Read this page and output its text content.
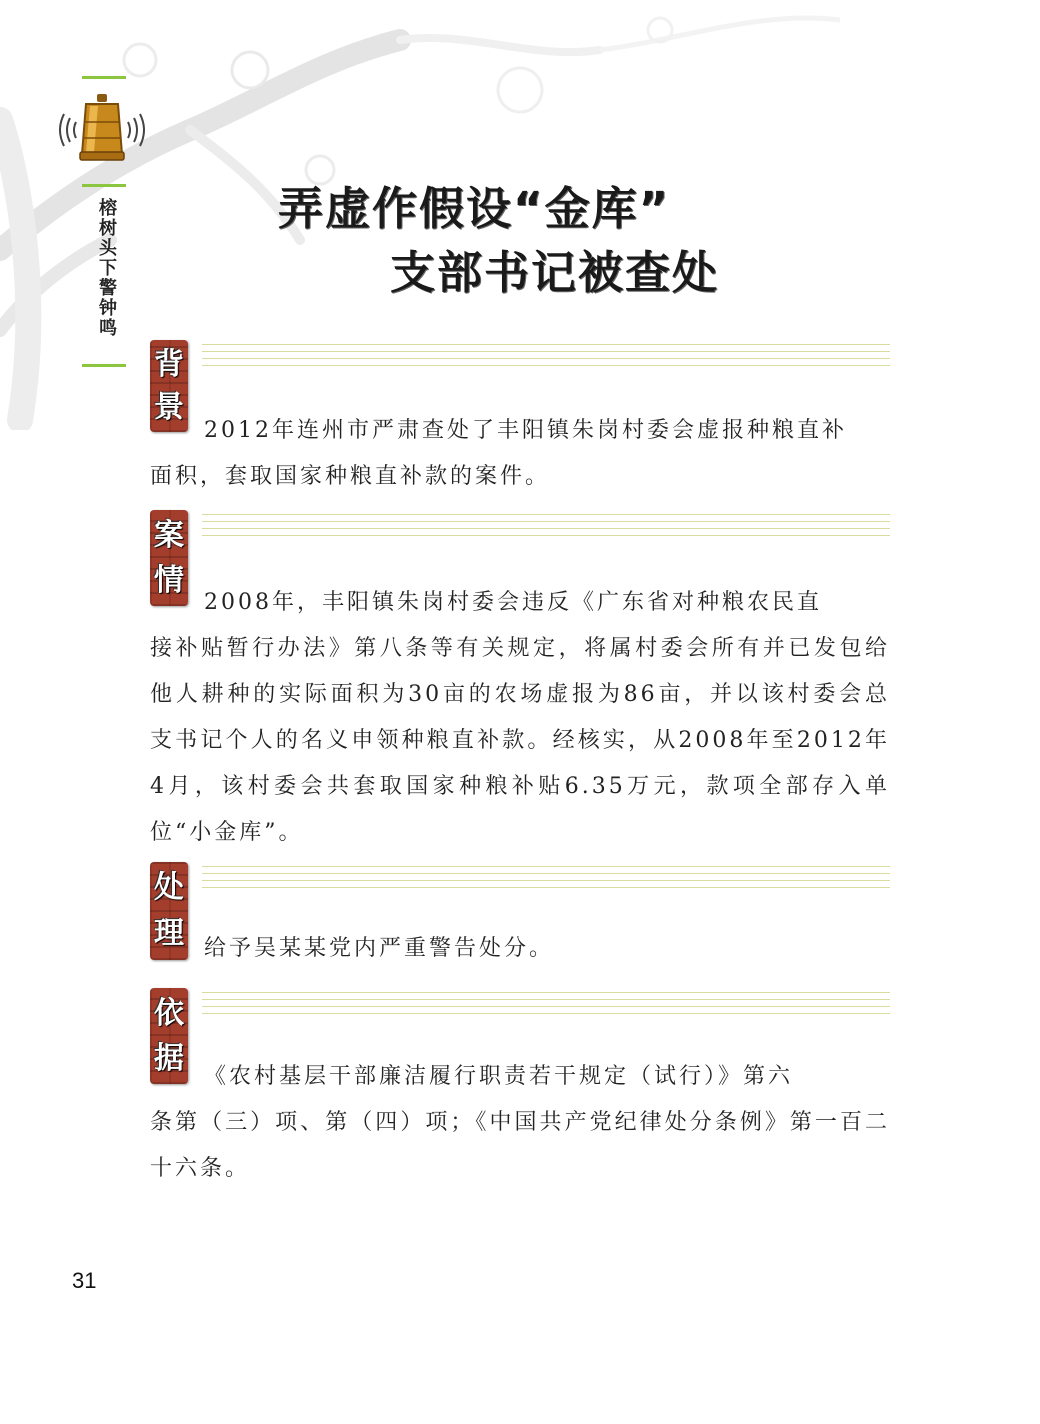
榕树头下警钟鸣	弄虚作假设“金库”
支部书记被查处
背
景
2012年连州市严肃查处了丰阳镇朱岗村委会虚报种粮直补
面积，套取国家种粮直补款的案件。
案
情
2008年，丰阳镇朱岗村委会违反《广东省对种粮农民直
接补贴暂行办法》第八条等有关规定，将属村委会所有并已发包给他人耕种的实际面积为30亩的农场虚报为86亩，并以该村委会总支书记个人的名义申领种粮直补款。经核实，从2008年至2012年4月，该村委会共套取国家种粮补贴6.35万元，款项全部存入单位“小金库”。
处
理 给予吴某某党内严重警告处分。
依
据
《农村基层干部廉洁履行职责若干规定（试行）》第六
条第（三）项、第（四）项；《中国共产党纪律处分条例》第一百二十六条。
31
